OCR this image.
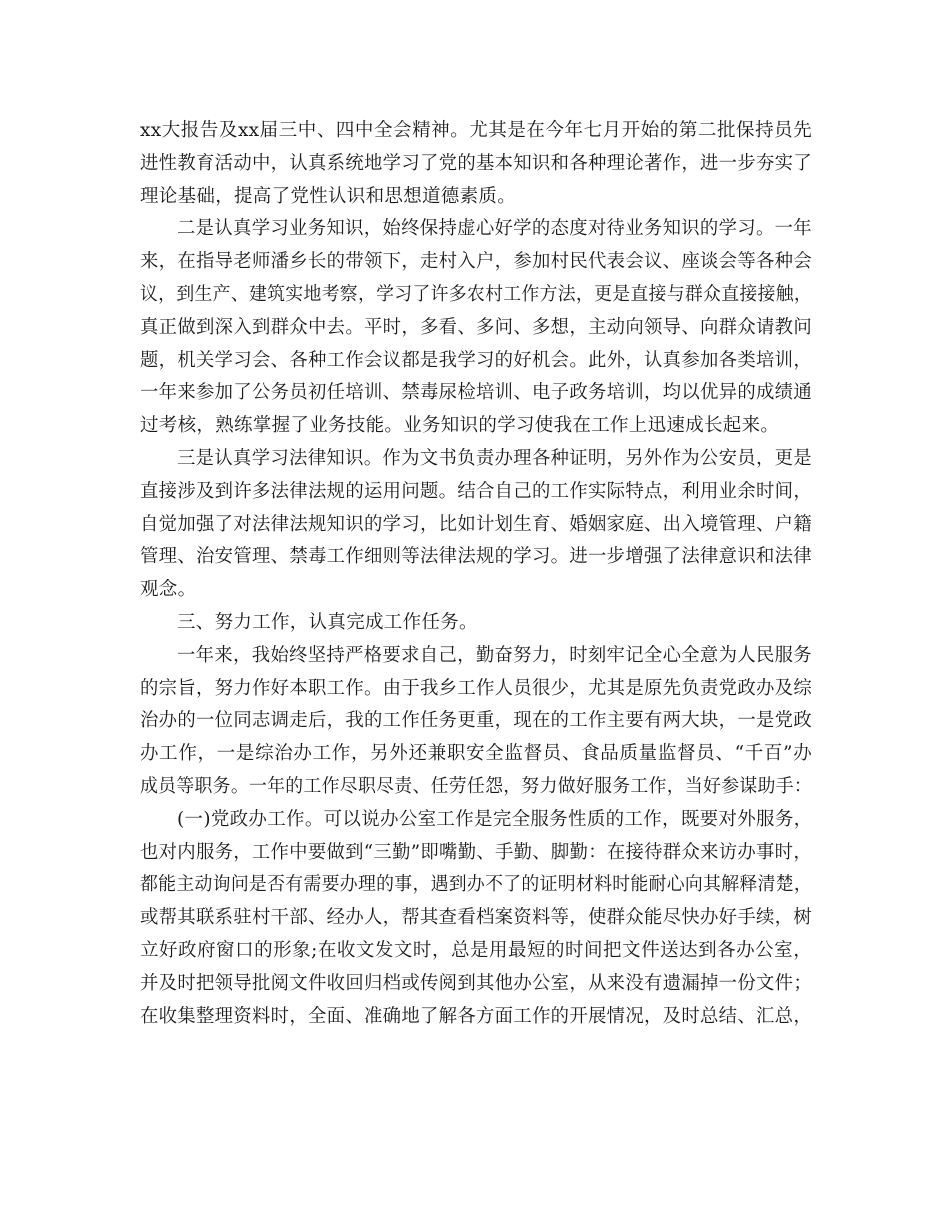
xx大报告及xx届三中、四中全会精神。尤其是在今年七月开始的第二批保持员先
进性教育活动中，认真系统地学习了党的基本知识和各种理论著作，进一步夯实了
理论基础，提高了党性认识和思想道德素质。
二是认真学习业务知识，始终保持虚心好学的态度对待业务知识的学习。一年
来，在指导老师潘乡长的带领下，走村入户，参加村民代表会议、座谈会等各种会
议，到生产、建筑实地考察，学习了许多农村工作方法，更是直接与群众直接接触，
真正做到深入到群众中去。平时，多看、多问、多想，主动向领导、向群众请教问
题，机关学习会、各种工作会议都是我学习的好机会。此外，认真参加各类培训，
一年来参加了公务员初任培训、禁毒尿检培训、电子政务培训，均以优异的成绩通
过考核，熟练掌握了业务技能。业务知识的学习使我在工作上迅速成长起来。
三是认真学习法律知识。作为文书负责办理各种证明，另外作为公安员，更是
直接涉及到许多法律法规的运用问题。结合自己的工作实际特点，利用业余时间，
自觉加强了对法律法规知识的学习，比如计划生育、婚姻家庭、出入境管理、户籍
管理、治安管理、禁毒工作细则等法律法规的学习。进一步增强了法律意识和法律
观念。
三、努力工作，认真完成工作任务。
一年来，我始终坚持严格要求自己，勤奋努力，时刻牢记全心全意为人民服务
的宗旨，努力作好本职工作。由于我乡工作人员很少，尤其是原先负责党政办及综
治办的一位同志调走后，我的工作任务更重，现在的工作主要有两大块，一是党政
办工作，一是综治办工作，另外还兼职安全监督员、食品质量监督员、“千百”办
成员等职务。一年的工作尽职尽责、任劳任怨，努力做好服务工作，当好参谋助手：
(一)党政办工作。可以说办公室工作是完全服务性质的工作，既要对外服务，
也对内服务，工作中要做到“三勤”即嘴勤、手勤、脚勤：在接待群众来访办事时，
都能主动询问是否有需要办理的事，遇到办不了的证明材料时能耐心向其解释清楚，
或帮其联系驻村干部、经办人，帮其查看档案资料等，使群众能尽快办好手续，树
立好政府窗口的形象;在收文发文时，总是用最短的时间把文件送达到各办公室，
并及时把领导批阅文件收回归档或传阅到其他办公室，从来没有遗漏掉一份文件；
在收集整理资料时，全面、准确地了解各方面工作的开展情况，及时总结、汇总，
